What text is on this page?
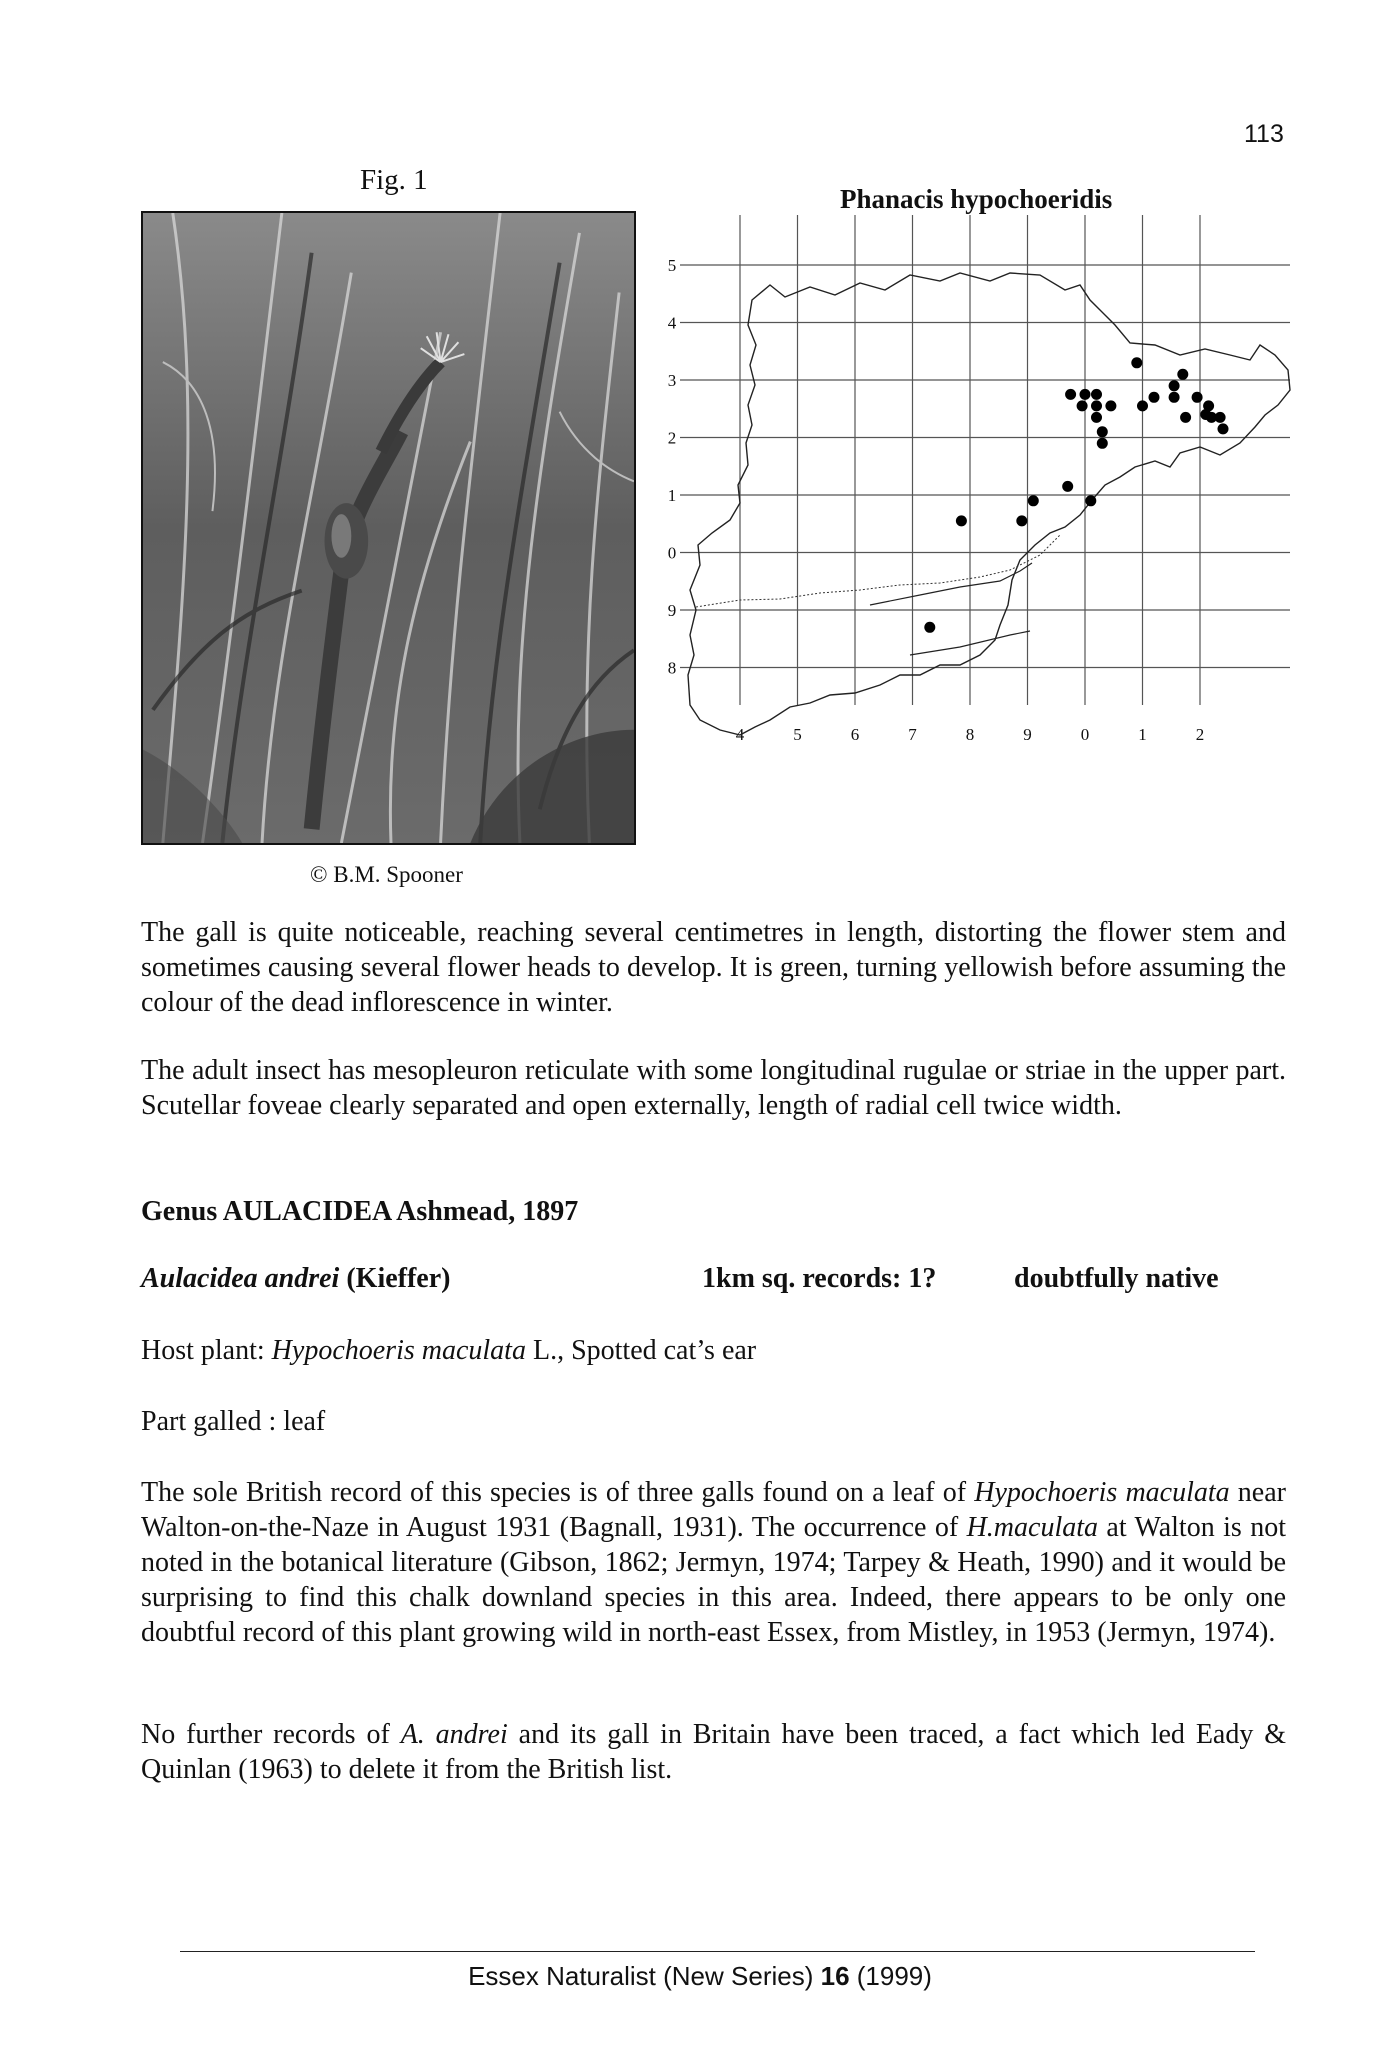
113
Fig. 1
© B.M. Spooner
Phanacis hypochoeridis
5
4
3
2
1
0
9
8
4	5	6	7	8	9	0	1	2
The gall is quite noticeable, reaching several centimetres in length, distorting the flower stem and sometimes causing several flower heads to develop. It is green, turning yellowish before assuming the colour of the dead inflorescence in winter.
The adult insect has mesopleuron reticulate with some longitudinal rugulae or striae in the upper part. Scutellar foveae clearly separated and open externally, length of radial cell twice width.
Genus AULACIDEA Ashmead, 1897
Aulacidea andrei (Kieffer)	1km sq. records: 1?	doubtfully native
Host plant: Hypochoeris maculata L., Spotted cat’s ear
Part galled : leaf
The sole British record of this species is of three galls found on a leaf of Hypochoeris maculata near Walton-on-the-Naze in August 1931 (Bagnall, 1931). The occurrence of H.maculata at Walton is not noted in the botanical literature (Gibson, 1862; Jermyn, 1974; Tarpey & Heath, 1990) and it would be surprising to find this chalk downland species in this area. Indeed, there appears to be only one doubtful record of this plant growing wild in north-east Essex, from Mistley, in 1953 (Jermyn, 1974).
No further records of A. andrei and its gall in Britain have been traced, a fact which led Eady & Quinlan (1963) to delete it from the British list.
Essex Naturalist (New Series) 16 (1999)
